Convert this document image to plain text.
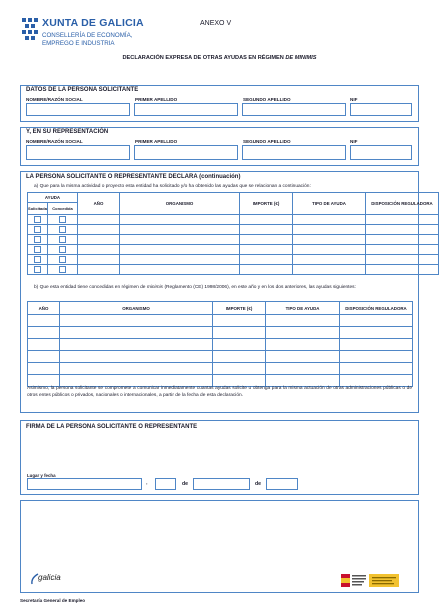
XUNTA DE GALICIA
CONSELLERÍA DE ECONOMÍA,
EMPREGO E INDUSTRIA
ANEXO V
DECLARACIÓN EXPRESA DE OTRAS AYUDAS EN RÉGIMEN DE MINIMIS
DATOS DE LA PERSONA SOLICITANTE
NOMBRE/RAZÓN SOCIAL	PRIMER APELLIDO	SEGUNDO APELLIDO	NIF
Y, EN SU REPRESENTACIÓN
NOMBRE/RAZÓN SOCIAL	PRIMER APELLIDO	SEGUNDO APELLIDO	NIF
LA PERSONA SOLICITANTE O REPRESENTANTE DECLARA (continuación)
a) Que para la misma actividad o proyecto esta entidad ha solicitado y/o ha obtenido las ayudas que se relacionan a continuación:
AYUDA		AÑO	ORGANISMO	IMPORTE (€)	TIPO DE AYUDA	DISPOSICIÓN REGULADORA
Solicitada	Concedida					

b) Que esta entidad tiene concedidas en régimen de minimis (Reglamento (CE) 1998/2006), en este año y en los dos anteriores, las ayudas siguientes:
AÑO	ORGANISMO	IMPORTE (€)	TIPO DE AYUDA	DISPOSICIÓN REGULADORA

Asimismo, la persona solicitante se compromete a comunicar inmediatamente cuantas ayudas solicite u obtenga para la misma actuación de otras administraciones públicas o de otros entes públicos o privados, nacionales o internacionales, a partir de la fecha de esta declaración.
FIRMA DE LA PERSONA SOLICITANTE O REPRESENTANTE
Lugar y fecha
,	de	de
galicia
Secretaría General de Empleo
